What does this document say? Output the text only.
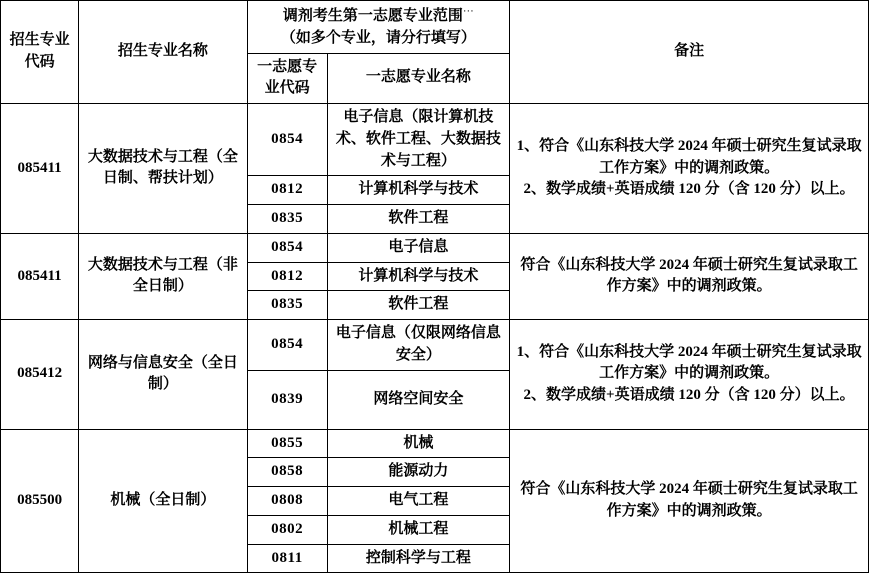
招生专业
代码
	招生专业名称	
调剂考生第一志愿专业范围···
（如多个专业，请分行填写）
	备注

		一志愿专
业代码	一志愿专业名称	
085411	大数据技术与工程（全日制、帮扶计划）	0854	电子信息（限计算机技术、软件工程、大数据技术与工程）	1、符合《山东科技大学 2024 年硕士研究生复试录取工作方案》中的调剂政策。
2、数学成绩+英语成绩 120 分（含 120 分）以上。
		0812	计算机科学与技术	
		0835	软件工程	
085411	大数据技术与工程（非全日制）	0854	电子信息	符合《山东科技大学 2024 年硕士研究生复试录取工作方案》中的调剂政策。
		0812	计算机科学与技术	
		0835	软件工程	
085412	网络与信息安全（全日制）	0854	电子信息（仅限网络信息安全）	1、符合《山东科技大学 2024 年硕士研究生复试录取工作方案》中的调剂政策。
2、数学成绩+英语成绩 120 分（含 120 分）以上。
		0839	网络空间安全	
085500	机械（全日制）	0855	机械	符合《山东科技大学 2024 年硕士研究生复试录取工作方案》中的调剂政策。
		0858	能源动力	
		0808	电气工程	
		0802	机械工程	
		0811	控制科学与工程	
